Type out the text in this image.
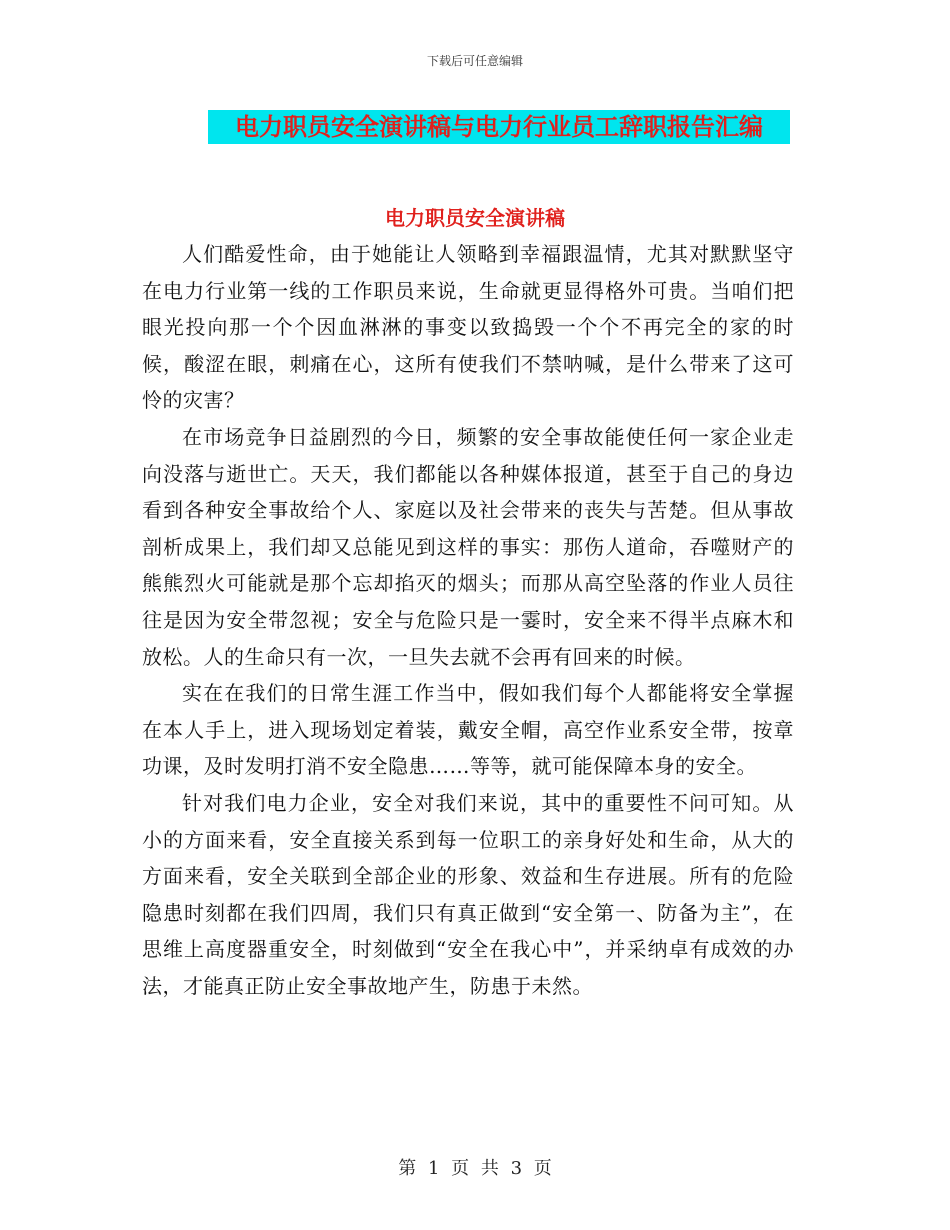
下载后可任意编辑
电力职员安全演讲稿与电力行业员工辞职报告汇编
电力职员安全演讲稿

人们酷爱性命，由于她能让人领略到幸福跟温情，尤其对默默坚守在电力行业第一线的工作职员来说，生命就更显得格外可贵。当咱们把眼光投向那一个个因血淋淋的事变以致捣毁一个个不再完全的家的时候，酸涩在眼，刺痛在心，这所有使我们不禁呐喊，是什么带来了这可怜的灾害？

在市场竞争日益剧烈的今日，频繁的安全事故能使任何一家企业走向没落与逝世亡。天天，我们都能以各种媒体报道，甚至于自己的身边看到各种安全事故给个人、家庭以及社会带来的丧失与苦楚。但从事故剖析成果上，我们却又总能见到这样的事实：那伤人道命，吞噬财产的熊熊烈火可能就是那个忘却掐灭的烟头；而那从高空坠落的作业人员往往是因为安全带忽视；安全与危险只是一霎时，安全来不得半点麻木和放松。人的生命只有一次，一旦失去就不会再有回来的时候。

实在在我们的日常生涯工作当中，假如我们每个人都能将安全掌握在本人手上，进入现场划定着装，戴安全帽，高空作业系安全带，按章功课，及时发明打消不安全隐患……等等，就可能保障本身的安全。

针对我们电力企业，安全对我们来说，其中的重要性不问可知。从小的方面来看，安全直接关系到每一位职工的亲身好处和生命，从大的方面来看，安全关联到全部企业的形象、效益和生存进展。所有的危险隐患时刻都在我们四周，我们只有真正做到“安全第一、防备为主”，在思维上高度器重安全，时刻做到“安全在我心中”，并采纳卓有成效的办法，才能真正防止安全事故地产生，防患于未然。

第 1 页 共 3 页
